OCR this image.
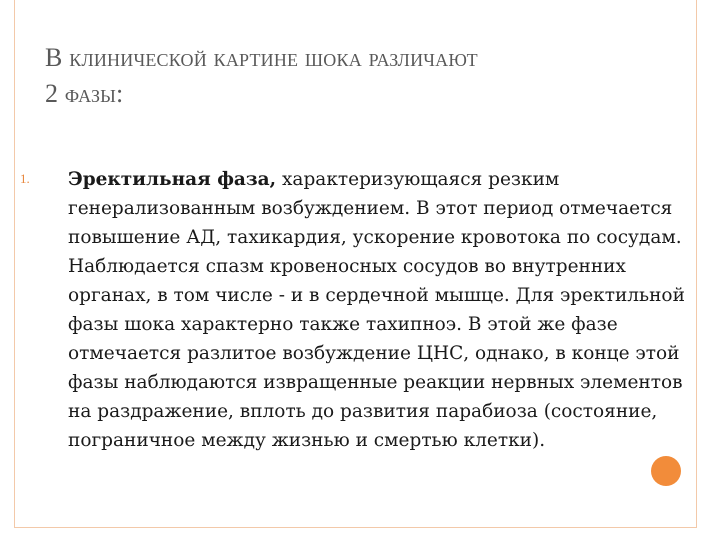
В клинической картине шока различают
2 фазы:
1. Эректильная фаза, характеризующаяся резким генерализованным возбуждением. В этот период отмечается повышение АД, тахикардия, ускорение кровотока по сосудам. Наблюдается спазм кровеносных сосудов во внутренних органах, в том числе - и в сердечной мышце. Для эректильной фазы шока характерно также тахипноэ. В этой же фазе отмечается разлитое возбуждение ЦНС, однако, в конце этой фазы наблюдаются извращенные реакции нервных элементов на раздражение, вплоть до развития парабиоза (состояние, пограничное между жизнью и смертью клетки).
